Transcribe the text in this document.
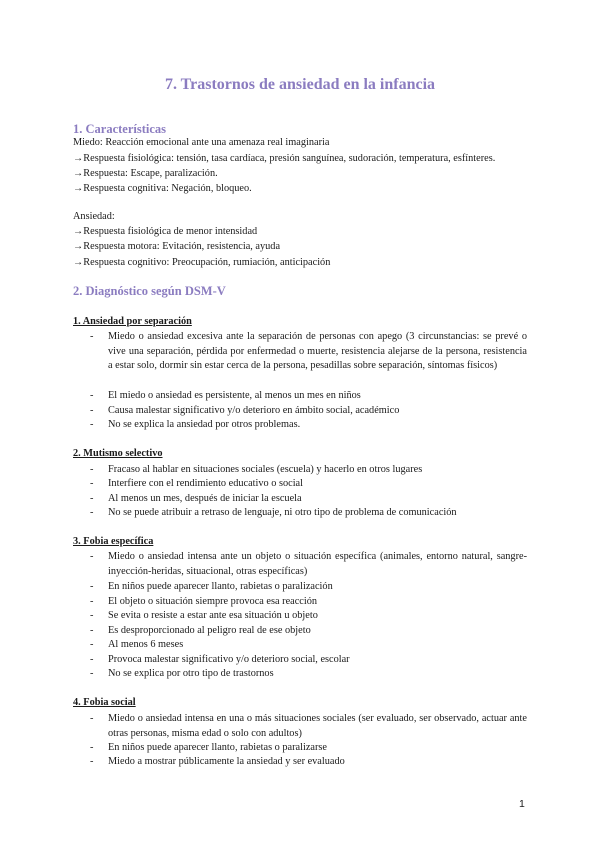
7. Trastornos de ansiedad en la infancia
1. Características
Miedo: Reacción emocional ante una amenaza real imaginaria
→Respuesta fisiológica: tensión, tasa cardíaca, presión sanguínea, sudoración, temperatura, esfínteres.
→Respuesta: Escape, paralización.
→Respuesta cognitiva: Negación, bloqueo.
Ansiedad:
→Respuesta fisiológica de menor intensidad
→Respuesta motora: Evitación, resistencia, ayuda
→Respuesta cognitivo: Preocupación, rumiación, anticipación
2. Diagnóstico según DSM-V
1. Ansiedad por separación
-	Miedo o ansiedad excesiva ante la separación de personas con apego (3 circunstancias: se prevé o vive una separación, pérdida por enfermedad o muerte, resistencia alejarse de la persona, resistencia a estar solo, dormir sin estar cerca de la persona, pesadillas sobre separación, síntomas físicos)
-	El miedo o ansiedad es persistente, al menos un mes en niños
-	Causa malestar significativo y/o deterioro en ámbito social, académico
-	No se explica la ansiedad por otros problemas.
2. Mutismo selectivo
-	Fracaso al hablar en situaciones sociales (escuela) y hacerlo en otros lugares
-	Interfiere con el rendimiento educativo o social
-	Al menos un mes, después de iniciar la escuela
-	No se puede atribuir a retraso de lenguaje, ni otro tipo de problema de comunicación
3. Fobia específica
-	Miedo o ansiedad intensa ante un objeto o situación específica (animales, entorno natural, sangre-inyección-heridas, situacional, otras específicas)
-	En niños puede aparecer llanto, rabietas o paralización
-	El objeto o situación siempre provoca esa reacción
-	Se evita o resiste a estar ante esa situación u objeto
-	Es desproporcionado al peligro real de ese objeto
-	Al menos 6 meses
-	Provoca malestar significativo y/o deterioro social, escolar
-	No se explica por otro tipo de trastornos
4. Fobia social
-	Miedo o ansiedad intensa en una o más situaciones sociales (ser evaluado, ser observado, actuar ante otras personas, misma edad o solo con adultos)
-	En niños puede aparecer llanto, rabietas o paralizarse
-	Miedo a mostrar públicamente la ansiedad y ser evaluado
1
